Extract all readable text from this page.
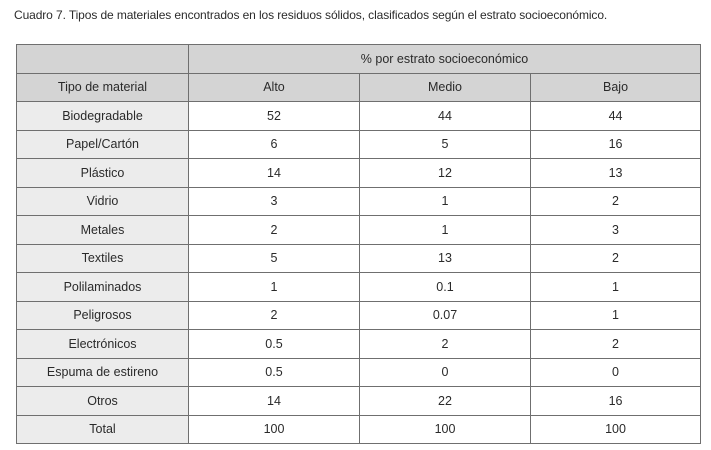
Cuadro 7. Tipos de materiales encontrados en los residuos sólidos, clasificados según el estrato socioeconómico.
	% por estrato socioeconómico		
Tipo de material	Alto	Medio	Bajo
Biodegradable	52	44	44
Papel/Cartón	6	5	16
Plástico	14	12	13
Vidrio	3	1	2
Metales	2	1	3
Textiles	5	13	2
Polilaminados	1	0.1	1
Peligrosos	2	0.07	1
Electrónicos	0.5	2	2
Espuma de estireno	0.5	0	0
Otros	14	22	16
Total	100	100	100
